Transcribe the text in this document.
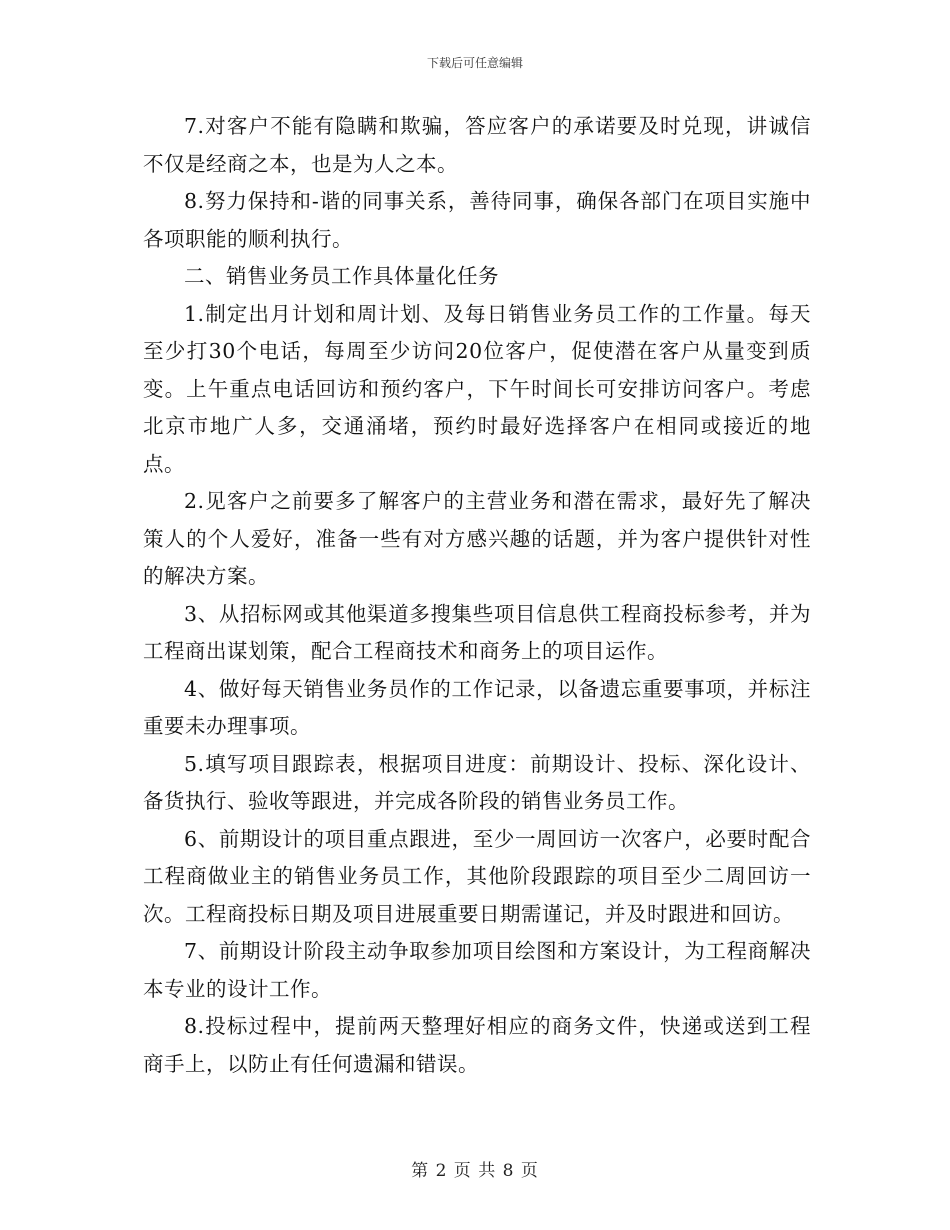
下载后可任意编辑

7.对客户不能有隐瞒和欺骗，答应客户的承诺要及时兑现，讲诚信不仅是经商之本，也是为人之本。

8.努力保持和-谐的同事关系，善待同事，确保各部门在项目实施中各项职能的顺利执行。

二、销售业务员工作具体量化任务

1.制定出月计划和周计划、及每日销售业务员工作的工作量。每天至少打30个电话，每周至少访问20位客户，促使潜在客户从量变到质变。上午重点电话回访和预约客户，下午时间长可安排访问客户。考虑北京市地广人多，交通涌堵，预约时最好选择客户在相同或接近的地点。

2.见客户之前要多了解客户的主营业务和潜在需求，最好先了解决策人的个人爱好，准备一些有对方感兴趣的话题，并为客户提供针对性的解决方案。

3、从招标网或其他渠道多搜集些项目信息供工程商投标参考，并为工程商出谋划策，配合工程商技术和商务上的项目运作。

4、做好每天销售业务员作的工作记录，以备遗忘重要事项，并标注重要未办理事项。

5.填写项目跟踪表，根据项目进度：前期设计、投标、深化设计、备货执行、验收等跟进，并完成各阶段的销售业务员工作。

6、前期设计的项目重点跟进，至少一周回访一次客户，必要时配合工程商做业主的销售业务员工作，其他阶段跟踪的项目至少二周回访一次。工程商投标日期及项目进展重要日期需谨记，并及时跟进和回访。

7、前期设计阶段主动争取参加项目绘图和方案设计，为工程商解决本专业的设计工作。

8.投标过程中，提前两天整理好相应的商务文件，快递或送到工程商手上，以防止有任何遗漏和错误。

第 2 页 共 8 页
